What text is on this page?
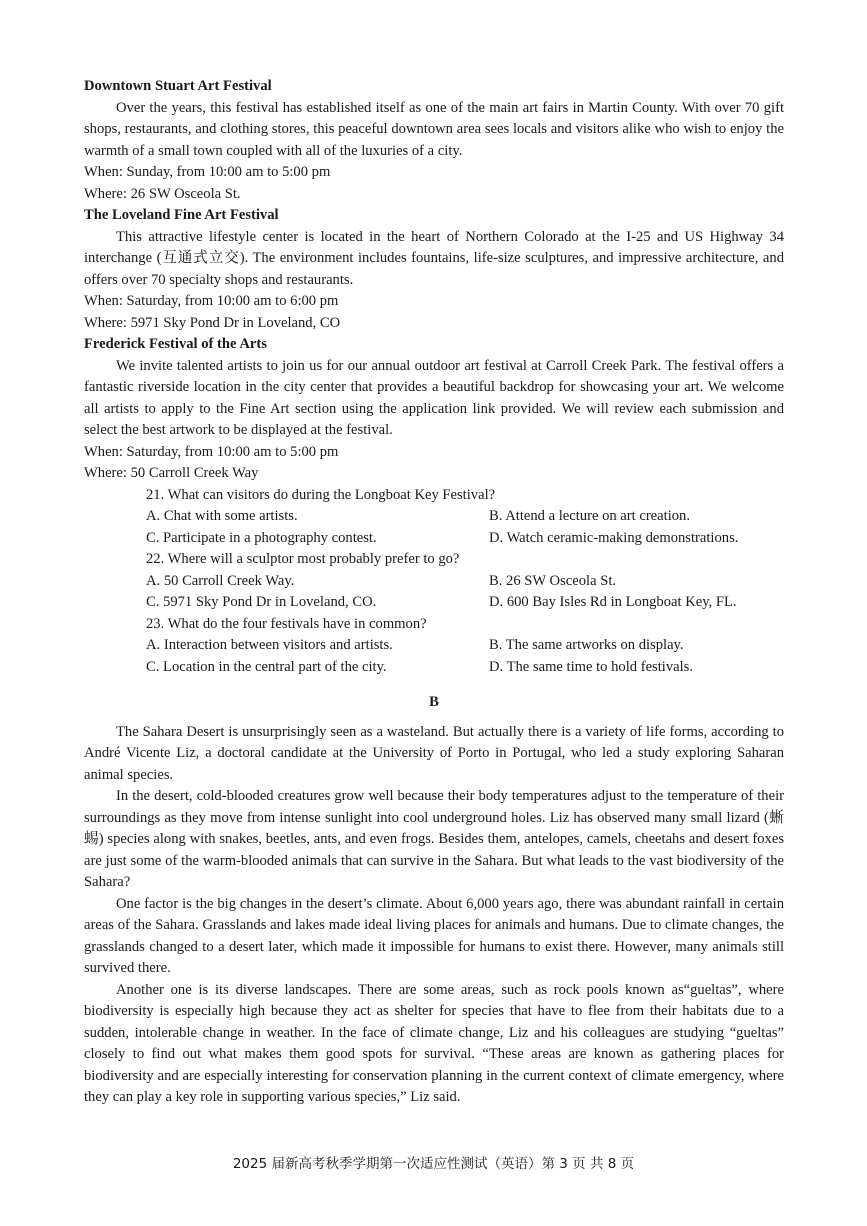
Downtown Stuart Art Festival
Over the years, this festival has established itself as one of the main art fairs in Martin County. With over 70 gift shops, restaurants, and clothing stores, this peaceful downtown area sees locals and visitors alike who wish to enjoy the warmth of a small town coupled with all of the luxuries of a city.
When: Sunday, from 10:00 am to 5:00 pm
Where: 26 SW Osceola St.
The Loveland Fine Art Festival
This attractive lifestyle center is located in the heart of Northern Colorado at the I-25 and US Highway 34 interchange (互通式立交). The environment includes fountains, life-size sculptures, and impressive architecture, and offers over 70 specialty shops and restaurants.
When: Saturday, from 10:00 am to 6:00 pm
Where: 5971 Sky Pond Dr in Loveland, CO
Frederick Festival of the Arts
We invite talented artists to join us for our annual outdoor art festival at Carroll Creek Park. The festival offers a fantastic riverside location in the city center that provides a beautiful backdrop for showcasing your art. We welcome all artists to apply to the Fine Art section using the application link provided. We will review each submission and select the best artwork to be displayed at the festival.
When: Saturday, from 10:00 am to 5:00 pm
Where: 50 Carroll Creek Way
21. What can visitors do during the Longboat Key Festival?
A. Chat with some artists.	B. Attend a lecture on art creation.
C. Participate in a photography contest.	D. Watch ceramic-making demonstrations.
22. Where will a sculptor most probably prefer to go?
A. 50 Carroll Creek Way.	B. 26 SW Osceola St.
C. 5971 Sky Pond Dr in Loveland, CO.	D. 600 Bay Isles Rd in Longboat Key, FL.
23. What do the four festivals have in common?
A. Interaction between visitors and artists.	B. The same artworks on display.
C. Location in the central part of the city.	D. The same time to hold festivals.
B
The Sahara Desert is unsurprisingly seen as a wasteland. But actually there is a variety of life forms, according to André Vicente Liz, a doctoral candidate at the University of Porto in Portugal, who led a study exploring Saharan animal species.
In the desert, cold-blooded creatures grow well because their body temperatures adjust to the temperature of their surroundings as they move from intense sunlight into cool underground holes. Liz has observed many small lizard (蜥蜴) species along with snakes, beetles, ants, and even frogs. Besides them, antelopes, camels, cheetahs and desert foxes are just some of the warm-blooded animals that can survive in the Sahara. But what leads to the vast biodiversity of the Sahara?
One factor is the big changes in the desert’s climate. About 6,000 years ago, there was abundant rainfall in certain areas of the Sahara. Grasslands and lakes made ideal living places for animals and humans. Due to climate changes, the grasslands changed to a desert later, which made it impossible for humans to exist there. However, many animals still survived there.
Another one is its diverse landscapes. There are some areas, such as rock pools known as“gueltas”, where biodiversity is especially high because they act as shelter for species that have to flee from their habitats due to a sudden, intolerable change in weather. In the face of climate change, Liz and his colleagues are studying “gueltas” closely to find out what makes them good spots for survival. “These areas are known as gathering places for biodiversity and are especially interesting for conservation planning in the current context of climate emergency, where they can play a key role in supporting various species,” Liz said.
2025 届新高考秋季学期第一次适应性测试（英语）第 3 页 共 8 页
